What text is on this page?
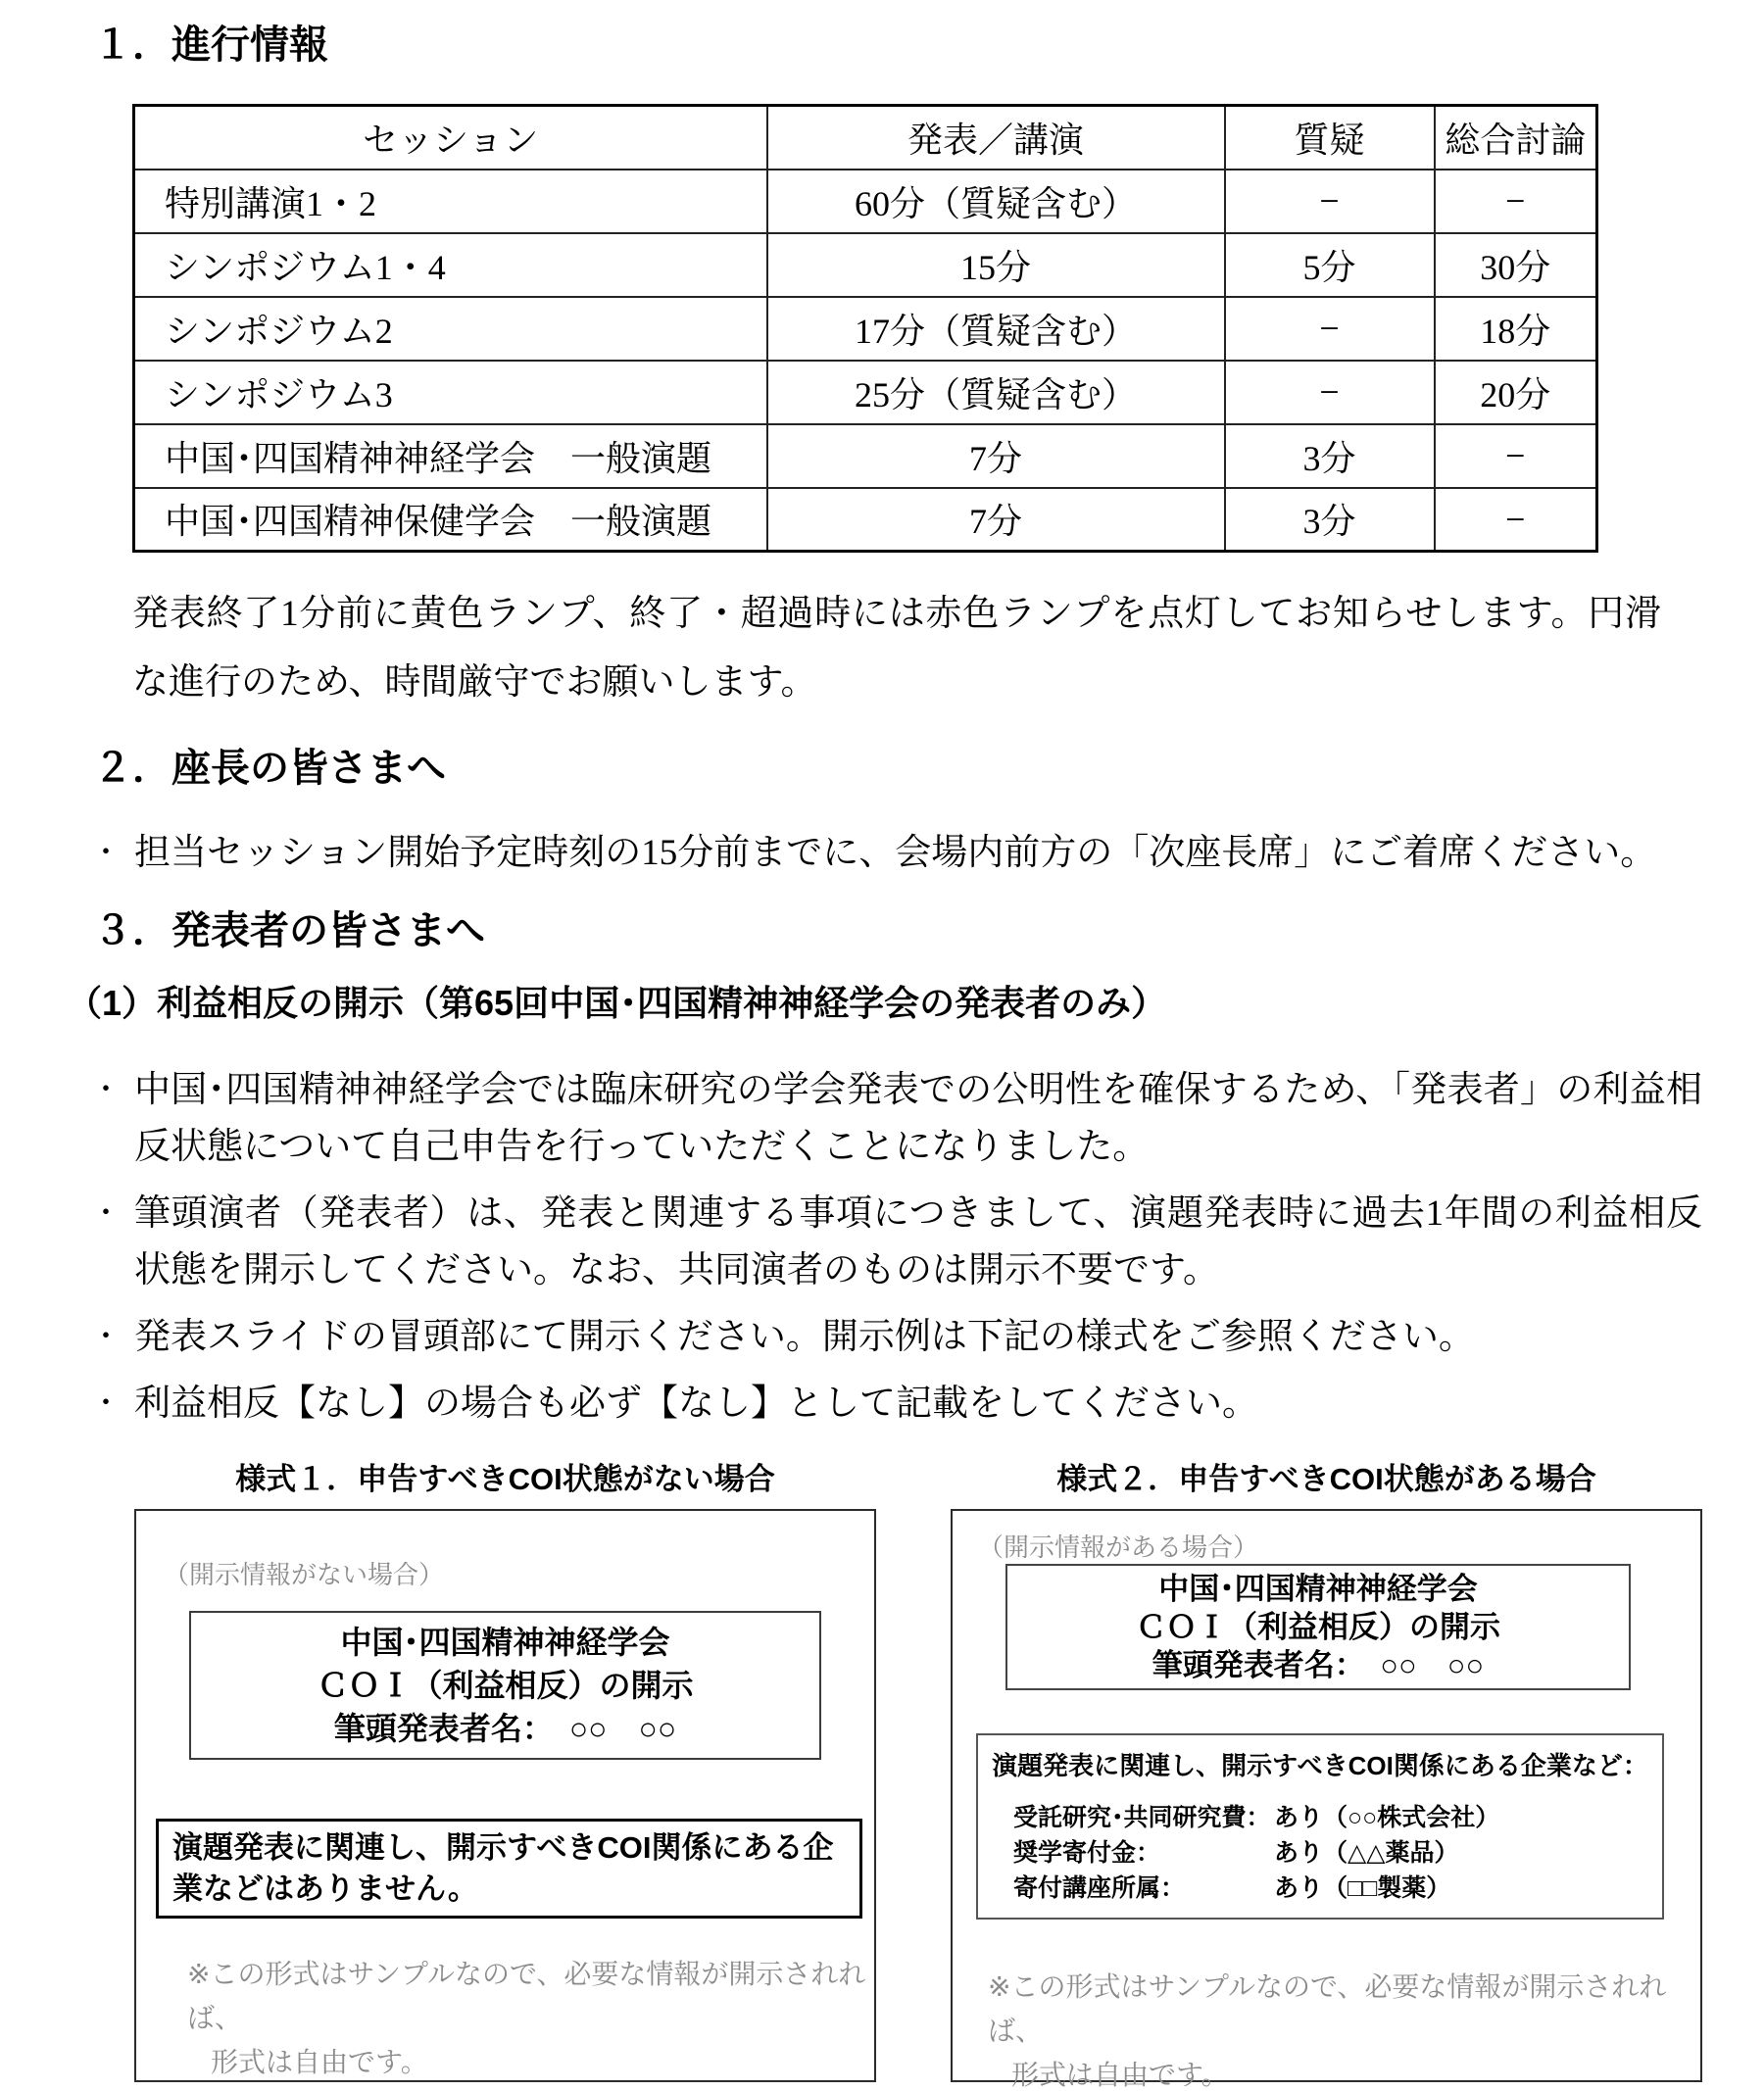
１．進行情報
セッション	発表／講演	質疑	総合討論
特別講演1・2	60分（質疑含む）	−	−
シンポジウム1・4	15分	5分	30分
シンポジウム2	17分（質疑含む）	−	18分
シンポジウム3	25分（質疑含む）	−	20分
中国･四国精神神経学会　一般演題	7分	3分	−
中国･四国精神保健学会　一般演題	7分	3分	−

発表終了1分前に黄色ランプ、終了・超過時には赤色ランプを点灯してお知らせします。円滑な進行のため、時間厳守でお願いします。

２．座長の皆さまへ
・ 担当セッション開始予定時刻の15分前までに、会場内前方の「次座長席」にご着席ください。
３．発表者の皆さまへ
（1）利益相反の開示（第65回中国･四国精神神経学会の発表者のみ）
・ 中国･四国精神神経学会では臨床研究の学会発表での公明性を確保するため、「発表者」の利益相反状態について自己申告を行っていただくことになりました。
・ 筆頭演者（発表者）は、発表と関連する事項につきまして、演題発表時に過去1年間の利益相反状態を開示してください。なお、共同演者のものは開示不要です。
・ 発表スライドの冒頭部にて開示ください。開示例は下記の様式をご参照ください。
・ 利益相反【なし】の場合も必ず【なし】として記載をしてください。
様式１．申告すべきCOI状態がない場合
（開示情報がない場合）
中国･四国精神神経学会
ＣＯＩ（利益相反）の開示
筆頭発表者名：　○○　○○
演題発表に関連し、開示すべきCOI関係にある企業などはありません。
※この形式はサンプルなので、必要な情報が開示されれば、
形式は自由です。
様式２．申告すべきCOI状態がある場合
（開示情報がある場合）
中国･四国精神神経学会
ＣＯＩ（利益相反）の開示
筆頭発表者名：　○○　○○
演題発表に関連し、開示すべきCOI関係にある企業など：
受託研究･共同研究費： あり（○○株式会社）
奨学寄付金：	あり（△△薬品）
寄付講座所属：	あり（□□製薬）
※この形式はサンプルなので、必要な情報が開示されれば、
形式は自由です。
